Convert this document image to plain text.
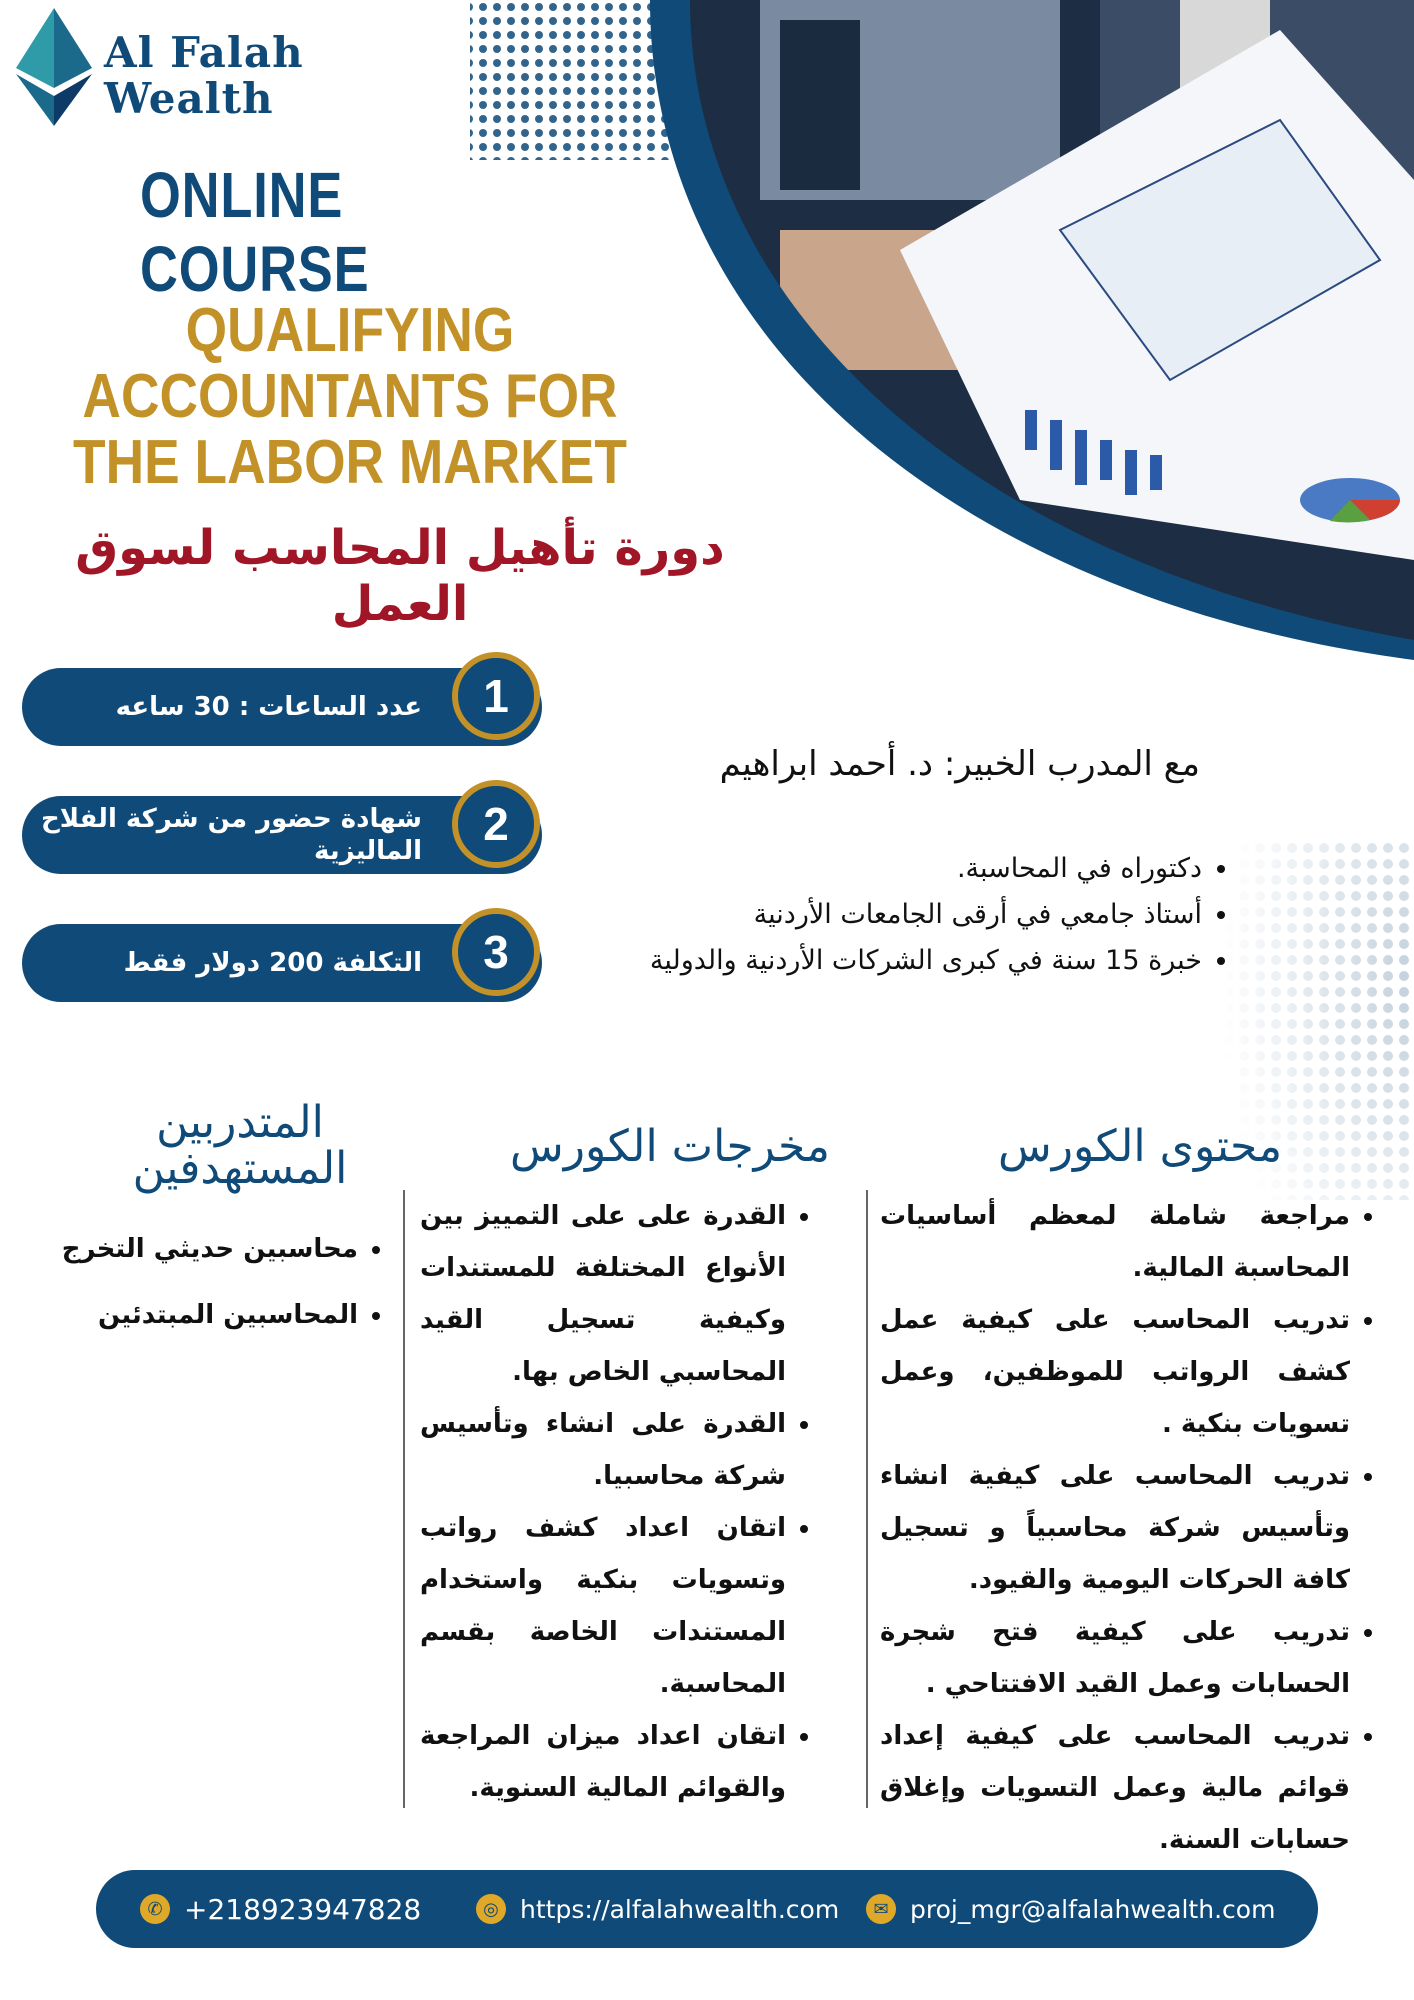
Al Falah
Wealth
ONLINE COURSE
QUALIFYING ACCOUNTANTS FOR
THE LABOR MARKET
دورة تأهيل المحاسب لسوق العمل
عدد الساعات : 30 ساعه	1
شهادة حضور من شركة الفلاح الماليزية
2
التكلفة 200 دولار فقط	3
مع المدرب الخبير: د. أحمد ابراهيم
• دكتوراه في المحاسبة.
• أستاذ جامعي في أرقى الجامعات الأردنية
• خبرة 15 سنة في كبرى الشركات الأردنية والدولية
محتوى الكورس
مخرجات الكورس
المتدربين المستهدفين
• مراجعة شاملة لمعظم أساسيات المحاسبة المالية.
• تدريب المحاسب على كيفية عمل كشف الرواتب للموظفين، وعمل تسويات بنكية .
• تدريب المحاسب على كيفية انشاء وتأسيس شركة محاسبياً و تسجيل كافة الحركات اليومية والقيود.
• تدريب على كيفية فتح شجرة الحسابات وعمل القيد الافتتاحي .
• تدريب المحاسب على كيفية إعداد قوائم مالية وعمل التسويات وإغلاق حسابات السنة.
• القدرة على على التمييز بين الأنواع المختلفة للمستندات وكيفية تسجيل القيد المحاسبي الخاص بها.
• القدرة على انشاء وتأسيس شركة محاسبيا.
• اتقان اعداد كشف رواتب وتسويات بنكية واستخدام المستندات الخاصة بقسم المحاسبة.
• اتقان اعداد ميزان المراجعة والقوائم المالية السنوية.
• محاسبين حديثي التخرج
• المحاسبين المبتدئين
✆ +218923947828	◎ https://alfalahwealth.com	✉ proj_mgr@alfalahwealth.com
